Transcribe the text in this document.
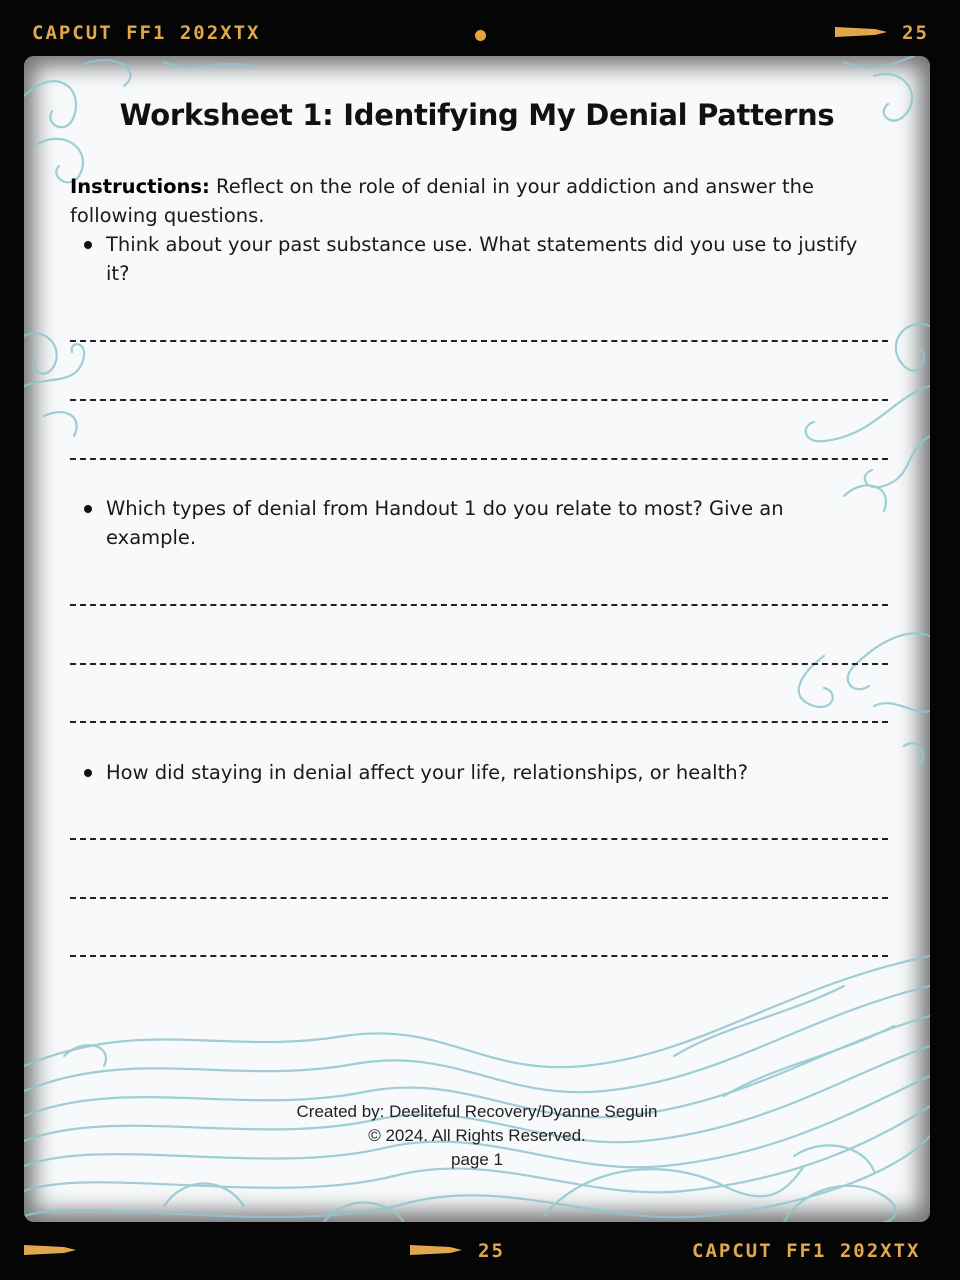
CAPCUT FF1 202XTX	25
25	CAPCUT FF1 202XTX
Worksheet 1: Identifying My Denial Patterns
Instructions: Reflect on the role of denial in your addiction and answer the following questions.
Think about your past substance use. What statements did you use to justify it?
Which types of denial from Handout 1 do you relate to most? Give an example.
How did staying in denial affect your life, relationships, or health?
Created by: Deeliteful Recovery/Dyanne Seguin
© 2024. All Rights Reserved.
page 1
